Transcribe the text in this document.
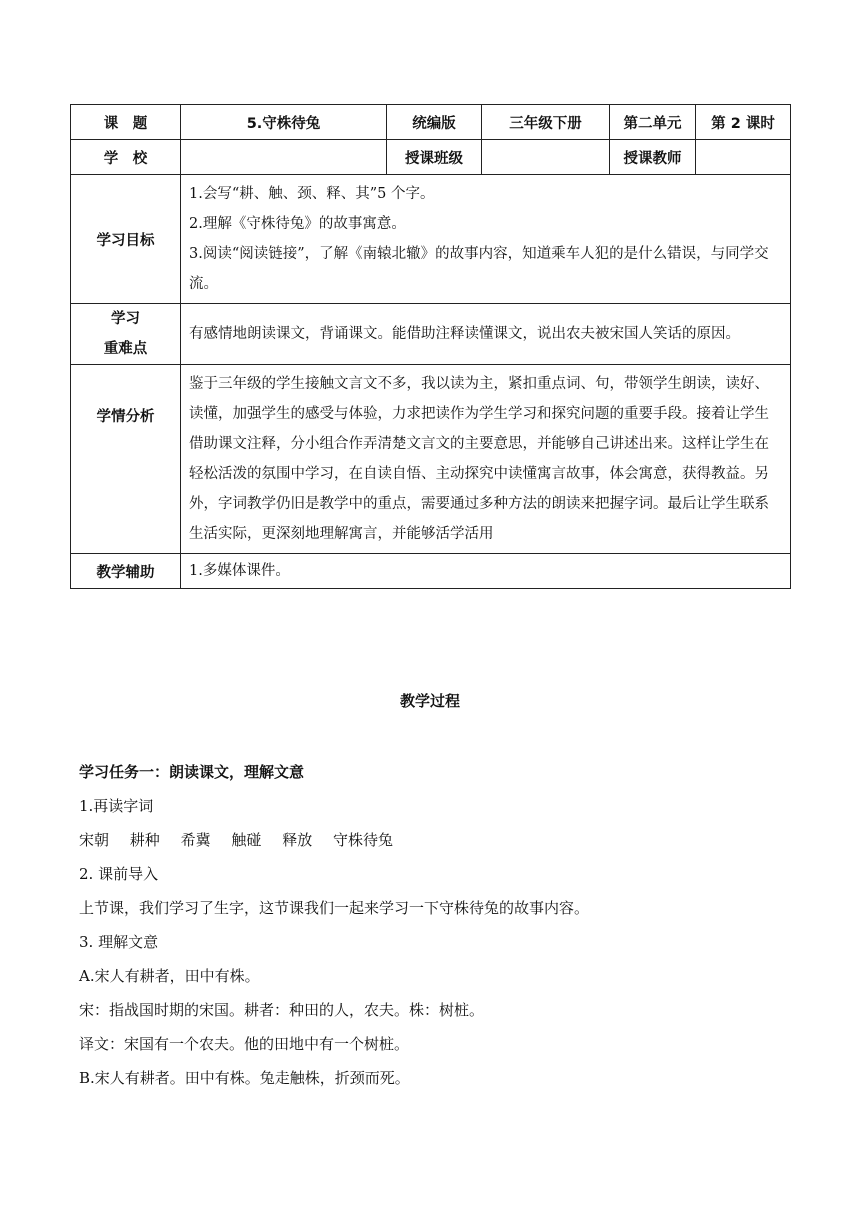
课　题	5.守株待兔	统编版	三年级下册	第二单元	第 2 课时
学　校		授课班级		授课教师	
学习目标	1.会写“耕、触、颈、释、其”5 个字。

2.理解《守株待兔》的故事寓意。

3.阅读“阅读链接”，了解《南辕北辙》的故事内容，知道乘车人犯的是什么错误，与同学交流。				

学习
重难点	有感情地朗读课文，背诵课文。能借助注释读懂课文，说出农夫被宋国人笑话的原因。				

学情分析	鉴于三年级的学生接触文言文不多，我以读为主，紧扣重点词、句，带领学生朗读，读好、读懂，加强学生的感受与体验，力求把读作为学生学习和探究问题的重要手段。接着让学生借助课文注释，分小组合作弄清楚文言文的主要意思，并能够自己讲述出来。这样让学生在轻松活泼的氛围中学习，在自读自悟、主动探究中读懂寓言故事，体会寓意，获得教益。另外，字词教学仍旧是教学中的重点，需要通过多种方法的朗读来把握字词。最后让学生联系生活实际，更深刻地理解寓言，并能够活学活用				

教学辅助	1.多媒体课件。				
教学过程

学习任务一：朗读课文，理解文意

1.再读字词

宋朝 耕种 希冀 触碰 释放 守株待兔

2. 课前导入

上节课，我们学习了生字，这节课我们一起来学习一下守株待兔的故事内容。

3. 理解文意

A.宋人有耕者，田中有株。

宋：指战国时期的宋国。耕者：种田的人，农夫。株：树桩。

译文：宋国有一个农夫。他的田地中有一个树桩。

B.宋人有耕者。田中有株。兔走触株，折颈而死。
